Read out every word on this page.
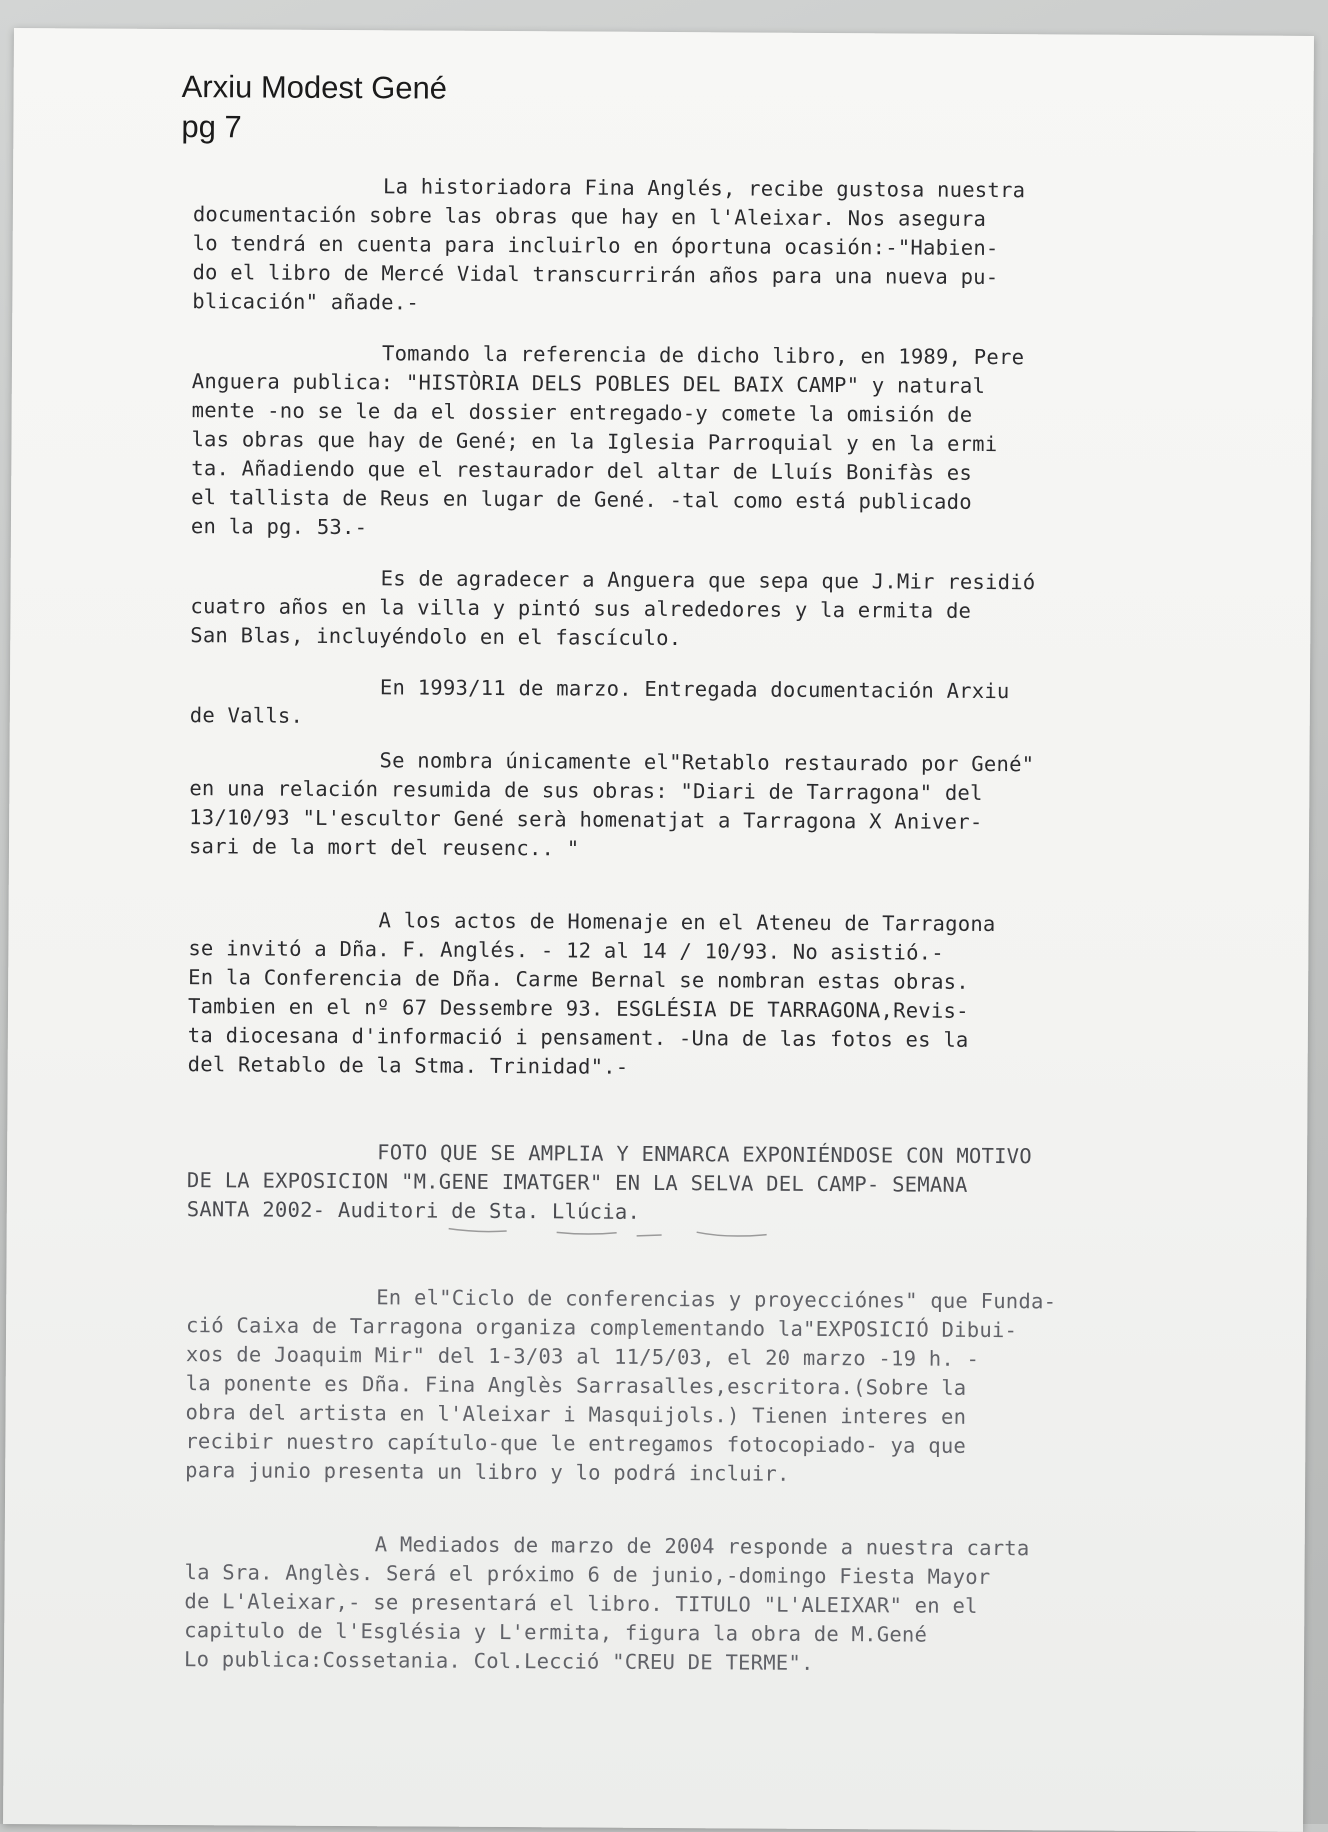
Arxiu Modest Gené
pg 7
La historiadora Fina Anglés, recibe gustosa nuestra
documentación sobre las obras que hay en l'Aleixar. Nos asegura
lo tendrá en cuenta para incluirlo en óportuna ocasión:-"Habien-
do el libro de Mercé Vidal transcurrirán años para una nueva pu-
blicación" añade.-
Tomando la referencia de dicho libro, en 1989, Pere
Anguera publica: "HISTÒRIA DELS POBLES DEL BAIX CAMP" y natural
mente -no se le da el dossier entregado-y comete la omisión de
las obras que hay de Gené; en la Iglesia Parroquial y en la ermi
ta. Añadiendo que el restaurador del altar de Lluís Bonifàs es
el tallista de Reus en lugar de Gené. -tal como está publicado
en la pg. 53.-
Es de agradecer a Anguera que sepa que J.Mir residió
cuatro años en la villa y pintó sus alrededores y la ermita de
San Blas, incluyéndolo en el fascículo.
En 1993/11 de marzo. Entregada documentación Arxiu
de Valls.
Se nombra únicamente el"Retablo restaurado por Gené"
en una relación resumida de sus obras: "Diari de Tarragona" del
13/10/93 "L'escultor Gené serà homenatjat a Tarragona X Aniver-
sari de la mort del reusenc.. "
A los actos de Homenaje en el Ateneu de Tarragona
se invitó a Dña. F. Anglés. - 12 al 14 / 10/93. No asistió.-
En la Conferencia de Dña. Carme Bernal se nombran estas obras.
Tambien en el nº 67 Dessembre 93. ESGLÉSIA DE TARRAGONA,Revis-
ta diocesana d'informació i pensament. -Una de las fotos es la
del Retablo de la Stma. Trinidad".-
FOTO QUE SE AMPLIA Y ENMARCA EXPONIÉNDOSE CON MOTIVO
DE LA EXPOSICION "M.GENE IMATGER" EN LA SELVA DEL CAMP- SEMANA
SANTA 2002- Auditori de Sta. Llúcia.
En el"Ciclo de conferencias y proyecciónes" que Funda-
ció Caixa de Tarragona organiza complementando la"EXPOSICIÓ Dibui-
xos de Joaquim Mir" del 1-3/03 al 11/5/03, el 20 marzo -19 h. -
la ponente es Dña. Fina Anglès Sarrasalles,escritora.(Sobre la
obra del artista en l'Aleixar i Masquijols.) Tienen interes en
recibir nuestro capítulo-que le entregamos fotocopiado- ya que
para junio presenta un libro y lo podrá incluir.
A Mediados de marzo de 2004 responde a nuestra carta
la Sra. Anglès. Será el próximo 6 de junio,-domingo Fiesta Mayor
de L'Aleixar,- se presentará el libro. TITULO "L'ALEIXAR" en el
capitulo de l'Església y L'ermita, figura la obra de M.Gené
Lo publica:Cossetania. Col.Lecció "CREU DE TERME".
